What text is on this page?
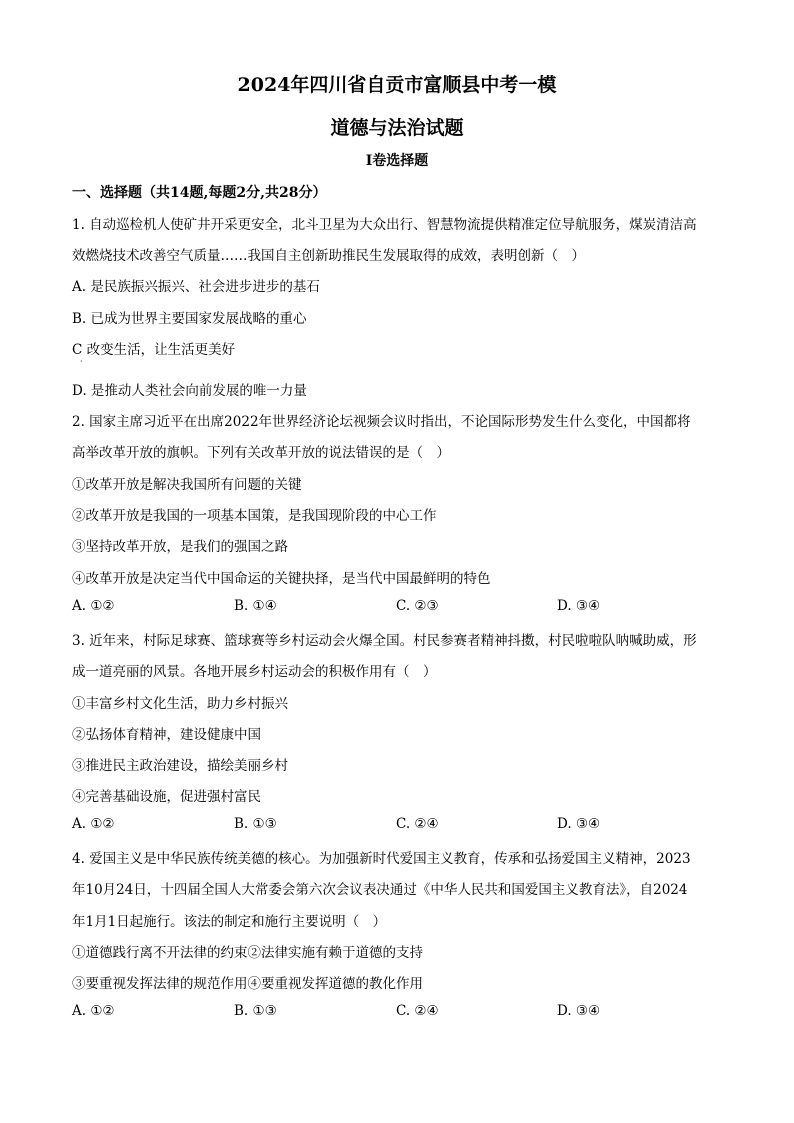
2024年四川省自贡市富顺县中考一模
道德与法治试题
I卷选择题
一、选择题（共14题,每题2分,共28分）
1. 自动巡检机人使矿井开采更安全，北斗卫星为大众出行、智慧物流提供精准定位导航服务，煤炭清洁高
效燃烧技术改善空气质量……我国自主创新助推民生发展取得的成效，表明创新（　）
A. 是民族振兴振兴、社会进步进步的基石
B. 已成为世界主要国家发展战略的重心
C 改变生活，让生活更美好
·
D. 是推动人类社会向前发展的唯一力量
2. 国家主席习近平在出席2022年世界经济论坛视频会议时指出，不论国际形势发生什么变化，中国都将
高举改革开放的旗帜。下列有关改革开放的说法错误的是（　）
①改革开放是解决我国所有问题的关键
②改革开放是我国的一项基本国策，是我国现阶段的中心工作
③坚持改革开放，是我们的强国之路
④改革开放是决定当代中国命运的关键抉择，是当代中国最鲜明的特色
A. ①②	B. ①④	C. ②③	D. ③④
3. 近年来，村际足球赛、篮球赛等乡村运动会火爆全国。村民参赛者精神抖擞，村民啦啦队呐喊助威，形
成一道亮丽的风景。各地开展乡村运动会的积极作用有（　）
①丰富乡村文化生活，助力乡村振兴
②弘扬体育精神，建设健康中国
③推进民主政治建设，描绘美丽乡村
④完善基础设施，促进强村富民
A. ①②	B. ①③	C. ②④	D. ③④
4. 爱国主义是中华民族传统美德的核心。为加强新时代爱国主义教育，传承和弘扬爱国主义精神，2023
年10月24日，十四届全国人大常委会第六次会议表决通过《中华人民共和国爱国主义教育法》，自2024
年1月1日起施行。该法的制定和施行主要说明（　）
①道德践行离不开法律的约束②法律实施有赖于道德的支持
③要重视发挥法律的规范作用④要重视发挥道德的教化作用
A. ①②	B. ①③	C. ②④	D. ③④
